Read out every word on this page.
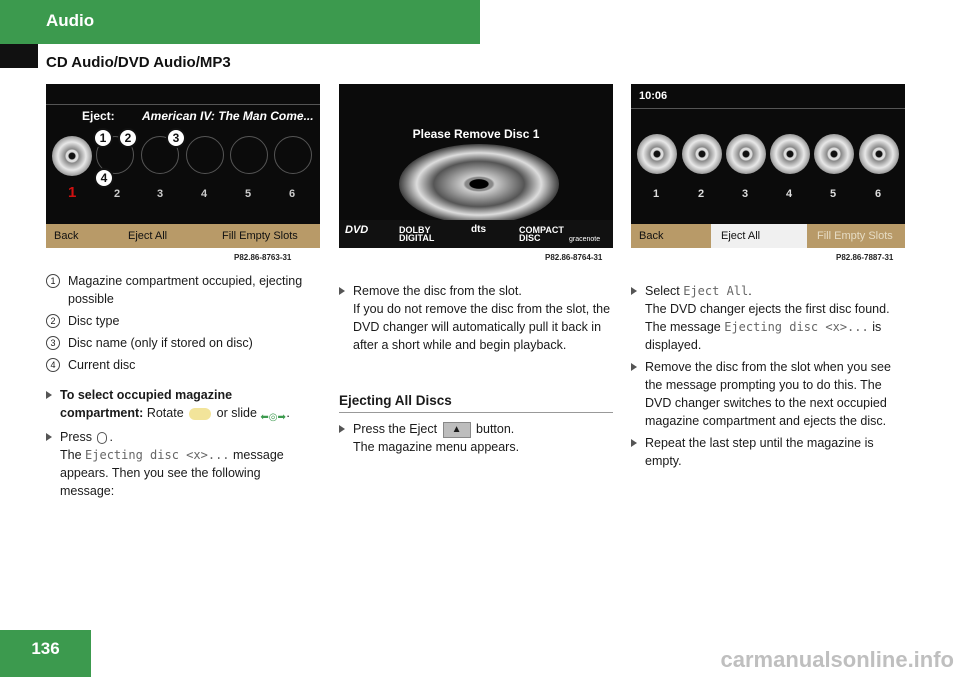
Audio
CD Audio/DVD Audio/MP3
Eject: American IV: The Man Come...
1	2	3
4
1	2	3	4	5	6
Back	Eject All	Fill Empty Slots
P82.86-8763-31
Please Remove Disc 1
DVD	DOLBY DIGITAL
dts	COMPACT DISC	gracenote
P82.86-8764-31
10:06
1	2	3	4	5	6
Back	Eject All	Fill Empty Slots
P82.86-7887-31

1	Magazine compartment occupied, ejecting possible

2	Disc type

3	Disc name (only if stored on disc)

4	Current disc

To select occupied magazine compartment: Rotate	or slide ⬅◎➡.

Press .
The Ejecting disc <x>... message appears. Then you see the following message:

Remove the disc from the slot.
If you do not remove the disc from the slot, the DVD changer will automatically pull it back in after a short while and begin playback.

Ejecting All Discs

Press the Eject ▲ button.
The magazine menu appears.

Select Eject All.
The DVD changer ejects the first disc found. The message Ejecting disc <x>... is displayed.

Remove the disc from the slot when you see the message prompting you to do this. The DVD changer switches to the next occupied magazine compartment and ejects the disc.

Repeat the last step until the magazine is empty.

136	carmanualsonline.info
